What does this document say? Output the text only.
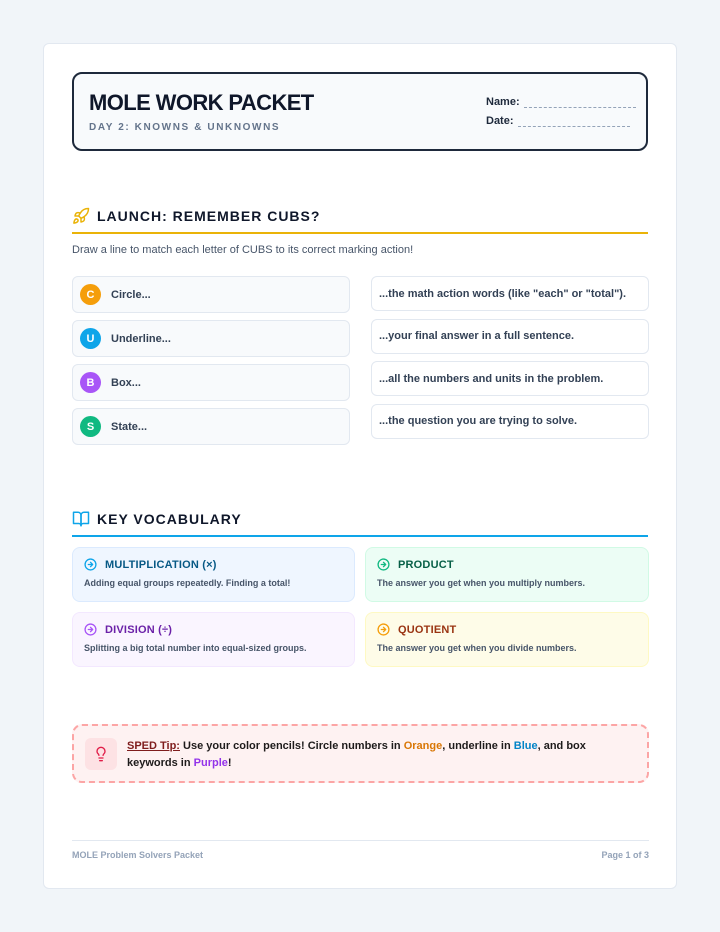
MOLE WORK PACKET
DAY 2: KNOWNS & UNKNOWNS
Name:
Date:
LAUNCH: REMEMBER CUBS?
Draw a line to match each letter of CUBS to its correct marking action!
C	Circle...
U	Underline...
B	Box...
S	State...
...the math action words (like "each" or "total").
...your final answer in a full sentence.
...all the numbers and units in the problem.
...the question you are trying to solve.
KEY VOCABULARY
MULTIPLICATION (×)
Adding equal groups repeatedly. Finding a total!
PRODUCT
The answer you get when you multiply numbers.
DIVISION (÷)
Splitting a big total number into equal-sized groups.
QUOTIENT
The answer you get when you divide numbers.
SPED Tip: Use your color pencils! Circle numbers in Orange, underline in Blue, and box keywords in Purple!
MOLE Problem Solvers Packet	Page 1 of 3
